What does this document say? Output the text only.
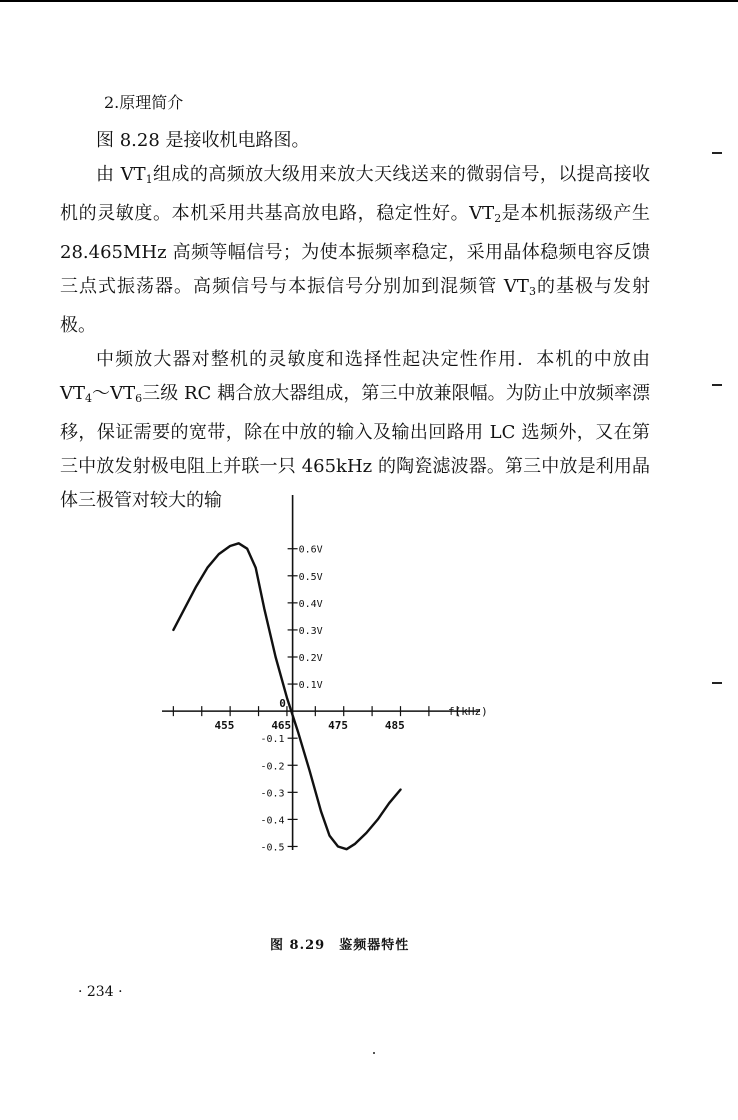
2.原理简介

图 8.28 是接收机电路图。

由 $VT_1$组成的高频放大级用来放大天线送来的微弱信号，以提高接收机的灵敏度。本机采用共基高放电路，稳定性好。$VT_2$是本机振荡级产生 28.465MHz 高频等幅信号；为使本振频率稳定，采用晶体稳频电容反馈三点式振荡器。高频信号与本振信号分别加到混频管 $VT_3$的基极与发射极。

中频放大器对整机的灵敏度和选择性起决定性作用．本机的中放由 $VT_4\sim VT_6$三级 RC 耦合放大器组成，第三中放兼限幅。为防止中放频率漂移，保证需要的宽带，除在中放的输入及输出回路用 LC 选频外，又在第三中放发射极电阻上并联一只 465kHz 的陶瓷滤波器。第三中放是利用晶体三极管对较大的输

455	465	475	485
f(kHz)
0
0.1V
0.2V
0.3V
0.4V
0.5V
0.6V
-0.1
-0.2
-0.3
-0.4
-0.5
图 8.29　鉴频器特性
· 234 ·
